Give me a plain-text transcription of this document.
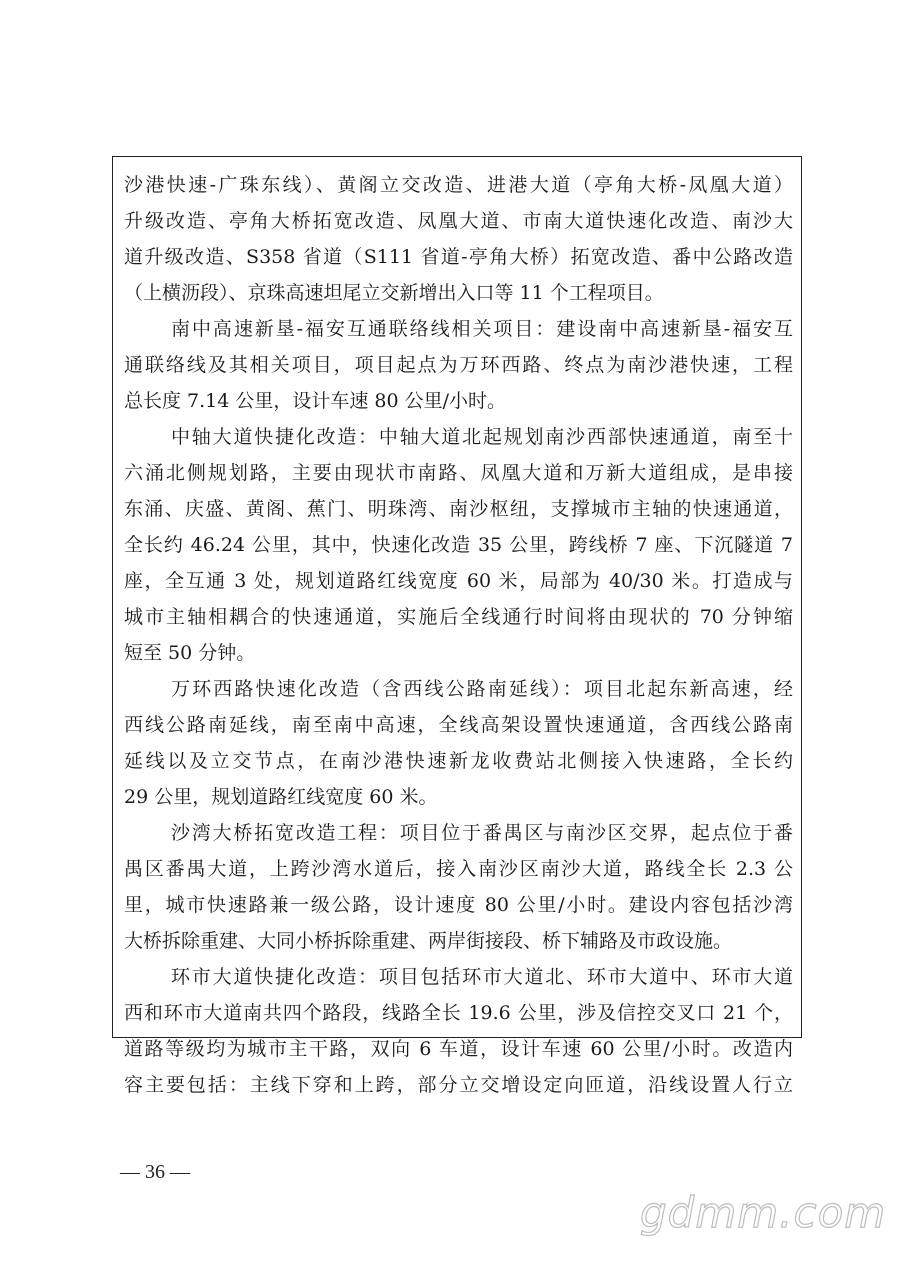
沙港快速-广珠东线）、黄阁立交改造、进港大道（亭角大桥-凤凰大道）
升级改造、亭角大桥拓宽改造、凤凰大道、市南大道快速化改造、南沙大
道升级改造、S358 省道（S111 省道-亭角大桥）拓宽改造、番中公路改造
（上横沥段）、京珠高速坦尾立交新增出入口等 11 个工程项目。
南中高速新垦-福安互通联络线相关项目：建设南中高速新垦-福安互
通联络线及其相关项目，项目起点为万环西路、终点为南沙港快速，工程
总长度 7.14 公里，设计车速 80 公里/小时。
中轴大道快捷化改造：中轴大道北起规划南沙西部快速通道，南至十
六涌北侧规划路，主要由现状市南路、凤凰大道和万新大道组成，是串接
东涌、庆盛、黄阁、蕉门、明珠湾、南沙枢纽，支撑城市主轴的快速通道，
全长约 46.24 公里，其中，快速化改造 35 公里，跨线桥 7 座、下沉隧道 7
座，全互通 3 处，规划道路红线宽度 60 米，局部为 40/30 米。打造成与
城市主轴相耦合的快速通道，实施后全线通行时间将由现状的 70 分钟缩
短至 50 分钟。
万环西路快速化改造（含西线公路南延线）：项目北起东新高速，经
西线公路南延线，南至南中高速，全线高架设置快速通道，含西线公路南
延线以及立交节点，在南沙港快速新龙收费站北侧接入快速路，全长约
29 公里，规划道路红线宽度 60 米。
沙湾大桥拓宽改造工程：项目位于番禺区与南沙区交界，起点位于番
禺区番禺大道，上跨沙湾水道后，接入南沙区南沙大道，路线全长 2.3 公
里，城市快速路兼一级公路，设计速度 80 公里/小时。建设内容包括沙湾
大桥拆除重建、大同小桥拆除重建、两岸街接段、桥下辅路及市政设施。
环市大道快捷化改造：项目包括环市大道北、环市大道中、环市大道
西和环市大道南共四个路段，线路全长 19.6 公里，涉及信控交叉口 21 个，
道路等级均为城市主干路，双向 6 车道，设计车速 60 公里/小时。改造内
容主要包括：主线下穿和上跨，部分立交增设定向匝道，沿线设置人行立
— 36 —
gdmm.com
